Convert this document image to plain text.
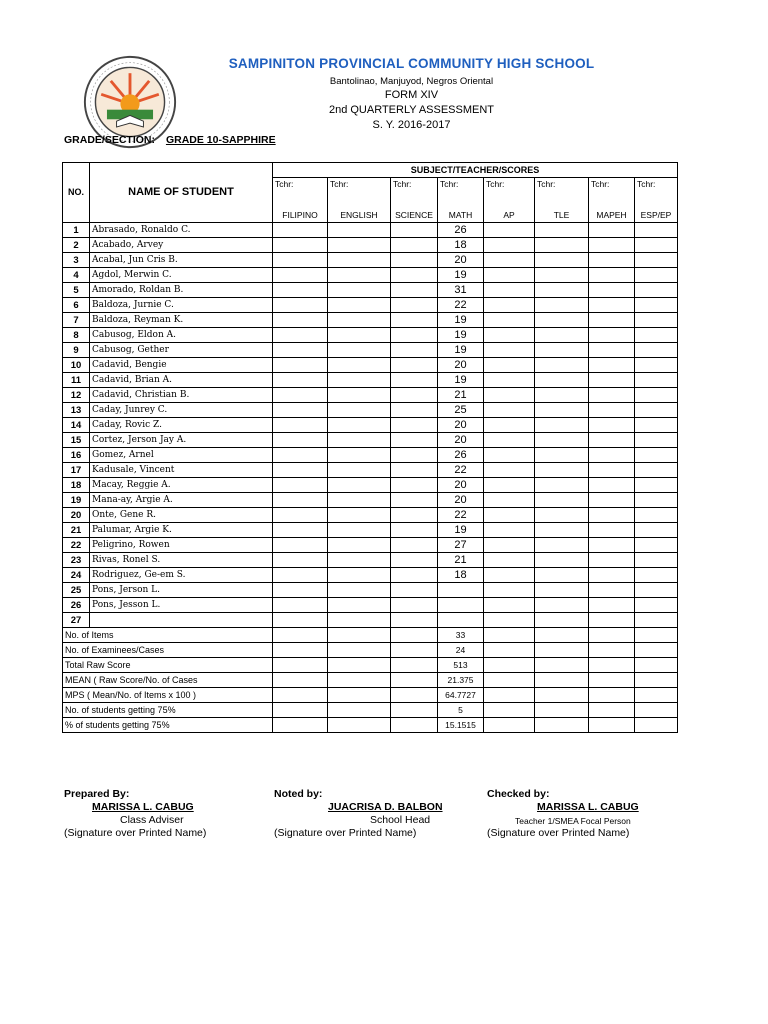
SAMPINITON PROVINCIAL COMMUNITY HIGH SCHOOL
Bantolinao, Manjuyod, Negros Oriental
FORM XIV
2nd QUARTERLY ASSESSMENT
S. Y. 2016-2017
GRADE/SECTION: GRADE 10-SAPPHIRE
NO.	NAME OF STUDENT	SUBJECT/TEACHER/SCORES							
		Tchr:	Tchr:	Tchr:	Tchr:	Tchr:	Tchr:	Tchr:	Tchr:
		FILIPINO	ENGLISH	SCIENCE	MATH	AP	TLE	MAPEH	ESP/EP
1	Abrasado, Ronaldo C.				26				
2	Acabado, Arvey				18				
3	Acabal, Jun Cris B.				20				
4	Agdol, Merwin C.				19				
5	Amorado, Roldan B.				31				
6	Baldoza, Jurnie C.				22				
7	Baldoza, Reyman K.				19				
8	Cabusog, Eldon A.				19				
9	Cabusog, Gether				19				
10	Cadavid, Bengie				20				
11	Cadavid, Brian A.				19				
12	Cadavid, Christian B.				21				
13	Caday, Junrey C.				25				
14	Caday, Rovic Z.				20				
15	Cortez, Jerson Jay A.				20				
16	Gomez, Arnel				26				
17	Kadusale, Vincent				22				
18	Macay, Reggie A.				20				
19	Mana-ay, Argie A.				20				
20	Onte, Gene R.				22				
21	Palumar, Argie K.				19				
22	Peligrino, Rowen				27				
23	Rivas, Ronel S.				21				
24	Rodriguez, Ge-em S.				18				
25	Pons, Jerson L.								
26	Pons, Jesson L.								
27									
No. of Items					33				
No. of Examinees/Cases					24				
Total Raw Score					513				
MEAN ( Raw Score/No. of Cases					21.375				
MPS ( Mean/No. of Items x 100 )					64.7727				
No. of students getting 75%					5				
% of students getting 75%					15.1515				
Prepared By:
MARISSA L. CABUG
Class Adviser
(Signature over Printed Name)
Noted by:
JUACRISA D. BALBON
School Head
(Signature over Printed Name)
Checked by:
MARISSA L. CABUG
Teacher 1/SMEA Focal Person
(Signature over Printed Name)
